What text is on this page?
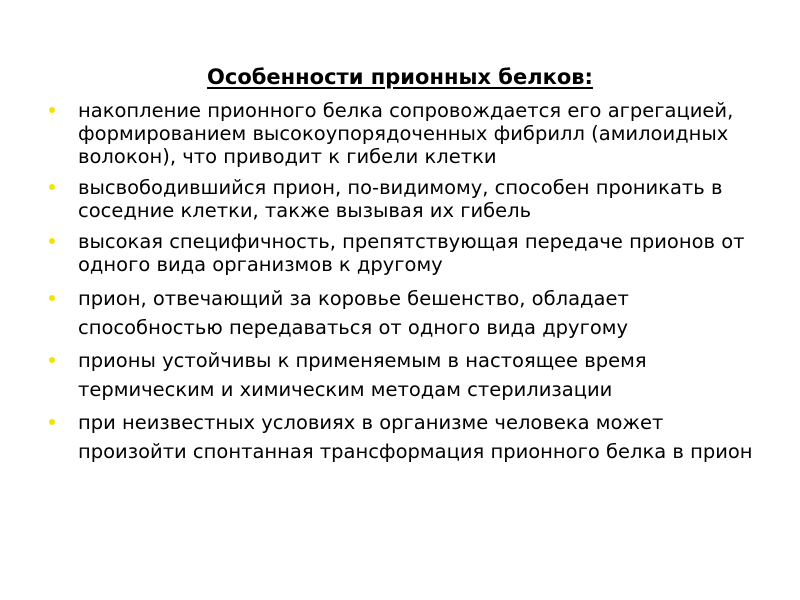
Особенности прионных белков:
накопление прионного белка сопровождается его агрегацией, формированием высокоупорядоченных фибрилл (амилоидных волокон), что приводит к гибели клетки
высвободившийся прион, по-видимому, способен проникать в соседние клетки, также вызывая их гибель
высокая специфичность, препятствующая передаче прионов от одного вида организмов к другому
прион, отвечающий за коровье бешенство, обладает способностью передаваться от одного вида другому
прионы устойчивы к применяемым в настоящее время термическим и химическим методам стерилизации
при неизвестных условиях в организме человека может произойти спонтанная трансформация прионного белка в прион
